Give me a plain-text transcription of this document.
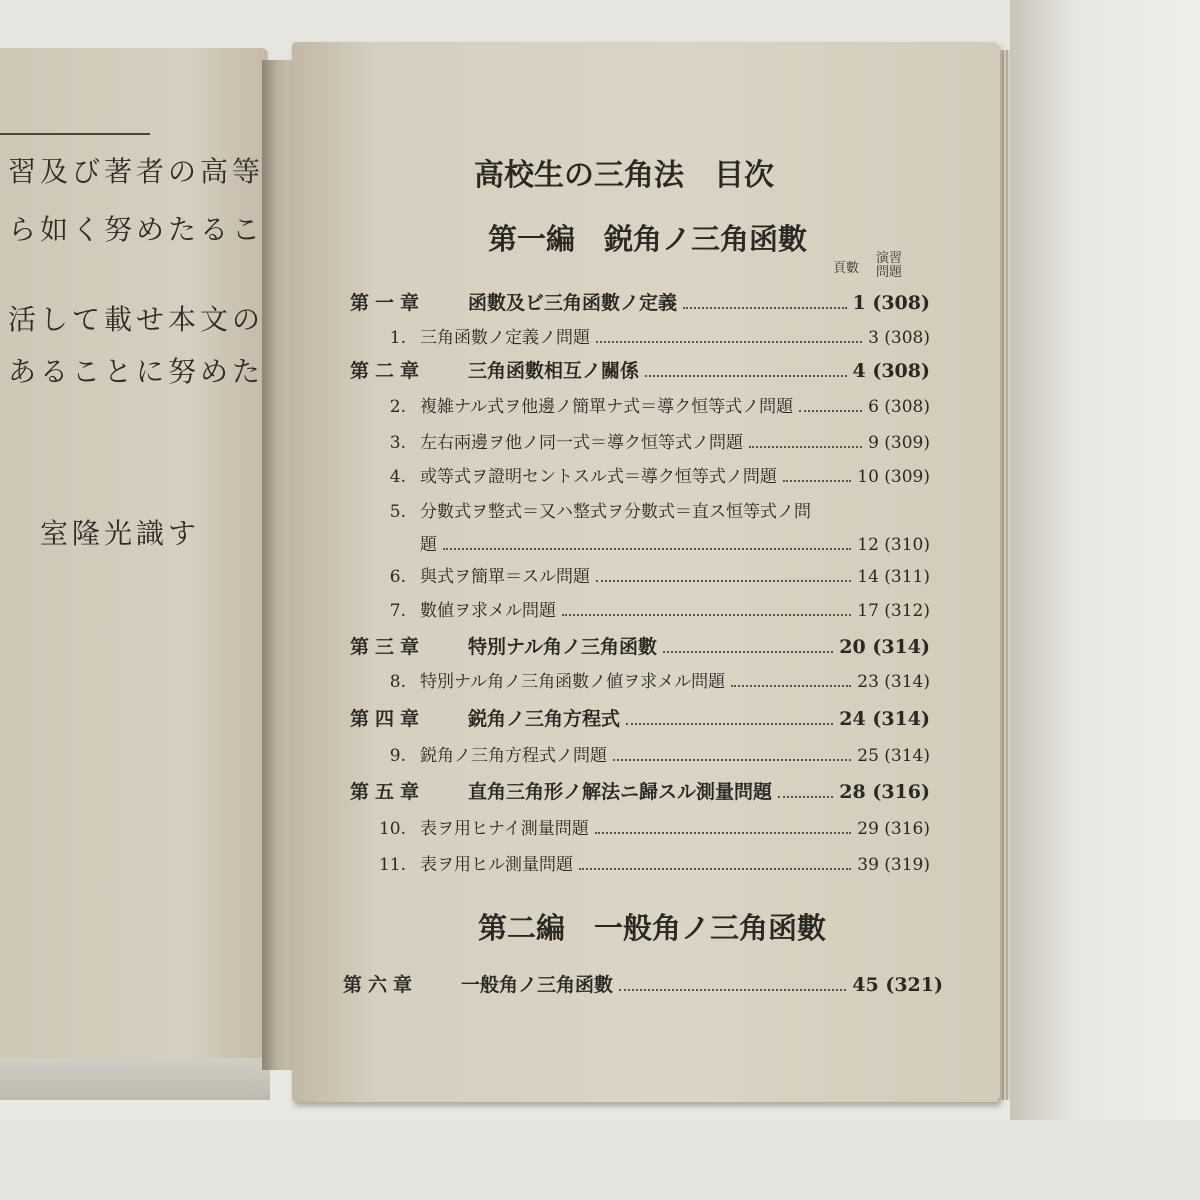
習及び著者の高等
ら如く努めたるこ
活して載せ本文の
あることに努めた
室隆光識す
高校生の三角法　目次
第一編　鋭角ノ三角函數
頁數
演習
問題
第一章	函數及ビ三角函數ノ定義	1 (308)
1. 三角函數ノ定義ノ問題	3 (308)
第二章	三角函數相互ノ關係	4 (308)
2. 複雑ナル式ヲ他邊ノ簡單ナ式＝導ク恒等式ノ問題	6 (308)
3. 左右兩邊ヲ他ノ同一式＝導ク恒等式ノ問題	9 (309)
4. 或等式ヲ證明セントスル式＝導ク恒等式ノ問題	10 (309)
5. 分數式ヲ整式＝又ハ整式ヲ分數式＝直ス恒等式ノ問
題	12 (310)
6. 與式ヲ簡單＝スル問題	14 (311)
7. 數値ヲ求メル問題	17 (312)
第三章	特別ナル角ノ三角函數	20 (314)
8. 特別ナル角ノ三角函數ノ値ヲ求メル問題	23 (314)
第四章	鋭角ノ三角方程式	24 (314)
9. 鋭角ノ三角方程式ノ問題	25 (314)
第五章	直角三角形ノ解法ニ歸スル測量問題	28 (316)
10. 表ヲ用ヒナイ測量問題	29 (316)
11. 表ヲ用ヒル測量問題	39 (319)
第六章	一般角ノ三角函數	45 (321)
第二編　一般角ノ三角函數
